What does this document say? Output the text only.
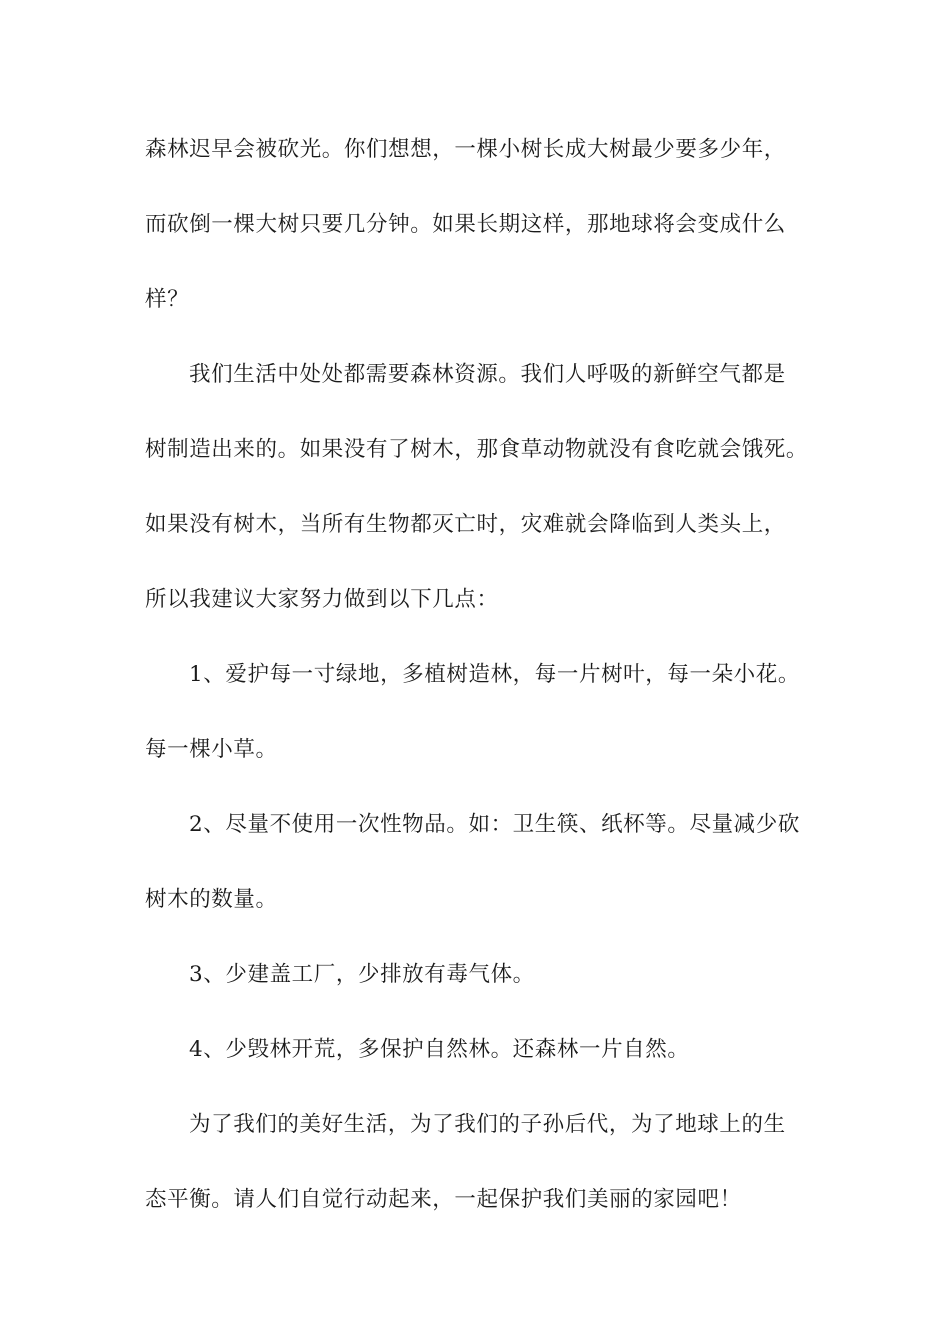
森林迟早会被砍光。你们想想，一棵小树长成大树最少要多少年，
而砍倒一棵大树只要几分钟。如果长期这样，那地球将会变成什么
样？
我们生活中处处都需要森林资源。我们人呼吸的新鲜空气都是
树制造出来的。如果没有了树木，那食草动物就没有食吃就会饿死。
如果没有树木，当所有生物都灭亡时，灾难就会降临到人类头上，
所以我建议大家努力做到以下几点：
1、爱护每一寸绿地，多植树造林，每一片树叶，每一朵小花。
每一棵小草。
2、尽量不使用一次性物品。如：卫生筷、纸杯等。尽量减少砍
树木的数量。
3、少建盖工厂，少排放有毒气体。
4、少毁林开荒，多保护自然林。还森林一片自然。
为了我们的美好生活，为了我们的子孙后代，为了地球上的生
态平衡。请人们自觉行动起来，一起保护我们美丽的家园吧！
